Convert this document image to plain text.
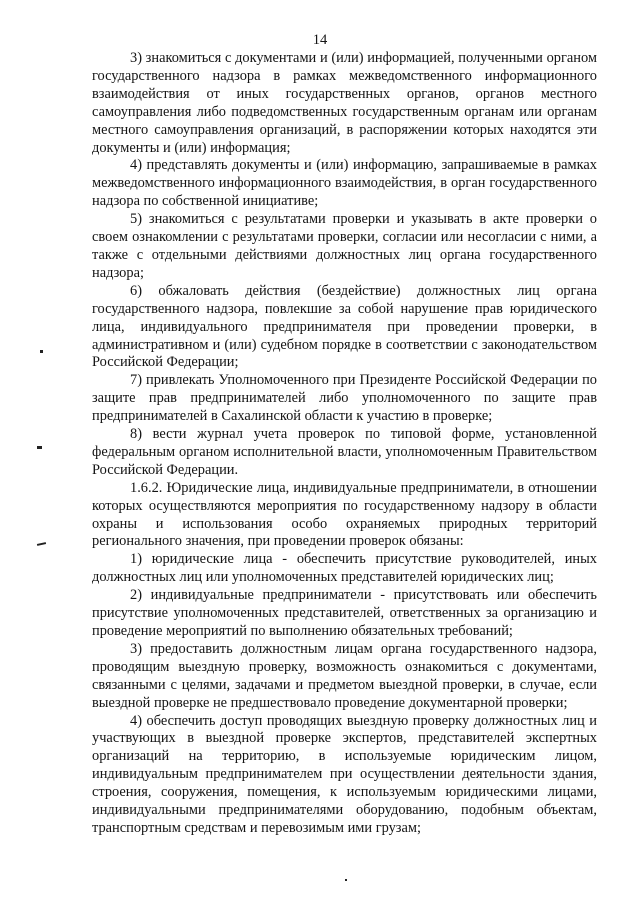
14

3) знакомиться с документами и (или) информацией, полученными органом государственного надзора в рамках межведомственного информационного взаимодействия от иных государственных органов, органов местного самоуправления либо подведомственных государственным органам или органам местного самоуправления организаций, в распоряжении которых находятся эти документы и (или) информация;

4) представлять документы и (или) информацию, запрашиваемые в рамках межведомственного информационного взаимодействия, в орган государственного надзора по собственной инициативе;

5) знакомиться с результатами проверки и указывать в акте проверки о своем ознакомлении с результатами проверки, согласии или несогласии с ними, а также с отдельными действиями должностных лиц органа государственного надзора;

6) обжаловать действия (бездействие) должностных лиц органа государственного надзора, повлекшие за собой нарушение прав юридического лица, индивидуального предпринимателя при проведении проверки, в административном и (или) судебном порядке в соответствии с законодательством Российской Федерации;

7) привлекать Уполномоченного при Президенте Российской Федерации по защите прав предпринимателей либо уполномоченного по защите прав предпринимателей в Сахалинской области к участию в проверке;

8) вести журнал учета проверок по типовой форме, установленной федеральным органом исполнительной власти, уполномоченным Правительством Российской Федерации.

1.6.2. Юридические лица, индивидуальные предприниматели, в отношении которых осуществляются мероприятия по государственному надзору в области охраны и использования особо охраняемых природных территорий регионального значения, при проведении проверок обязаны:

1) юридические лица - обеспечить присутствие руководителей, иных должностных лиц или уполномоченных представителей юридических лиц;

2) индивидуальные предприниматели - присутствовать или обеспечить присутствие уполномоченных представителей, ответственных за организацию и проведение мероприятий по выполнению обязательных требований;

3) предоставить должностным лицам органа государственного надзора, проводящим выездную проверку, возможность ознакомиться с документами, связанными с целями, задачами и предметом выездной проверки, в случае, если выездной проверке не предшествовало проведение документарной проверки;

4) обеспечить доступ проводящих выездную проверку должностных лиц и участвующих в выездной проверке экспертов, представителей экспертных организаций на территорию, в используемые юридическим лицом, индивидуальным предпринимателем при осуществлении деятельности здания, строения, сооружения, помещения, к используемым юридическими лицами, индивидуальными предпринимателями оборудованию, подобным объектам, транспортным средствам и перевозимым ими грузам;
